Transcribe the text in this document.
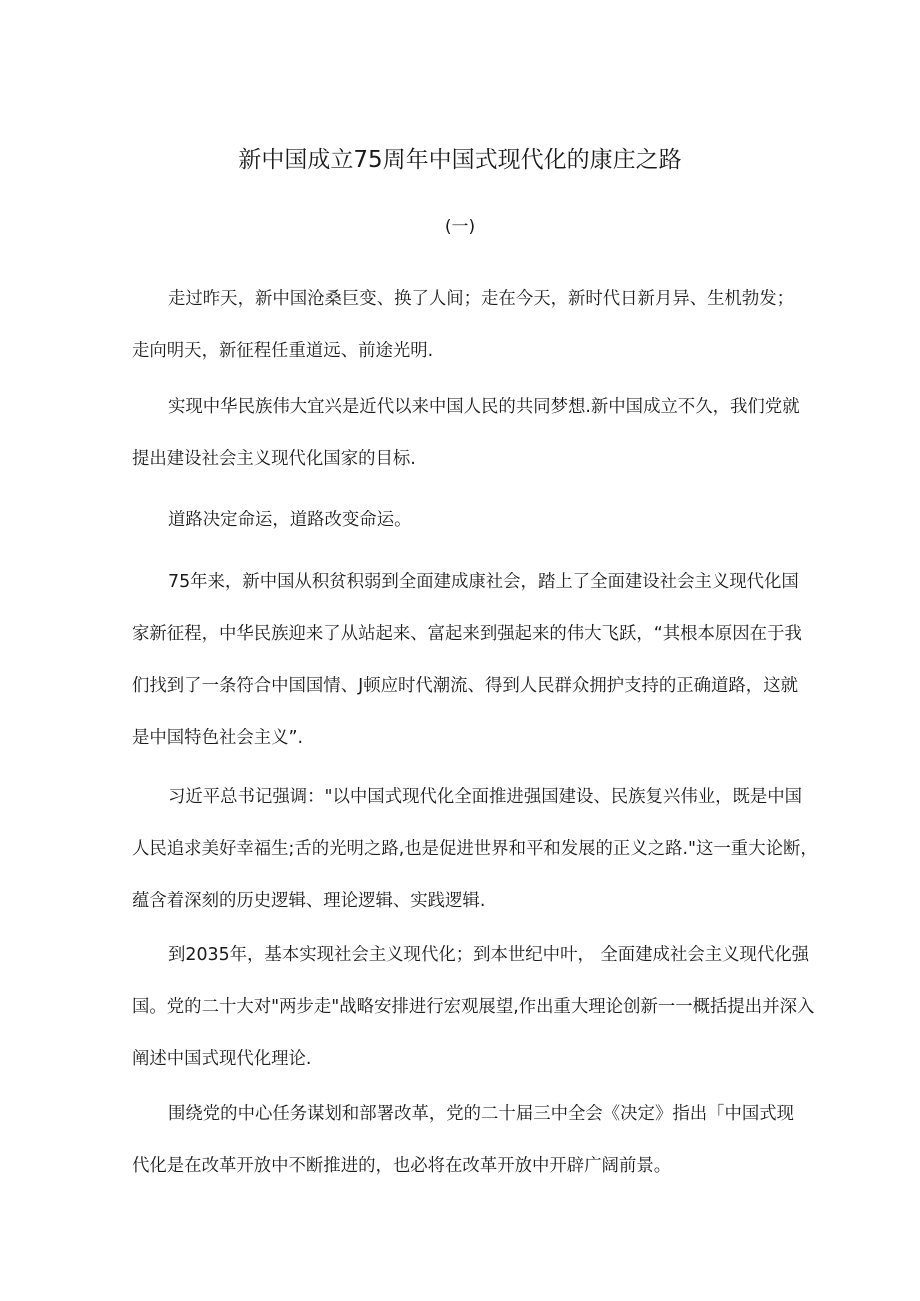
新中国成立75周年中国式现代化的康庄之路
(一)
走过昨天，新中国沧桑巨变、换了人间；走在今天，新时代日新月异、生机勃发；
走向明天，新征程任重道远、前途光明.
实现中华民族伟大宜兴是近代以来中国人民的共同梦想.新中国成立不久，我们党就
提出建设社会主义现代化国家的目标.
道路决定命运，道路改变命运。
75年来，新中国从积贫积弱到全面建成康社会，踏上了全面建设社会主义现代化国
家新征程，中华民族迎来了从站起来、富起来到强起来的伟大飞跃，“其根本原因在于我
们找到了一条符合中国国情、J顿应时代潮流、得到人民群众拥护支持的正确道路，这就
是中国特色社会主义”.
习近平总书记强调："以中国式现代化全面推进强国建设、民族复兴伟业，既是中国
人民追求美好幸福生;舌的光明之路,也是促进世界和平和发展的正义之路."这一重大论断，
蕴含着深刻的历史逻辑、理论逻辑、实践逻辑.
到2035年，基本实现社会主义现代化；到本世纪中叶， 全面建成社会主义现代化强
国。党的二十大对"两步走"战略安排进行宏观展望,作出重大理论创新一一概括提出并深入
阐述中国式现代化理论.
围绕党的中心任务谋划和部署改革，党的二十届三中全会《决定》指出「中国式现
代化是在改革开放中不断推进的，也必将在改革开放中开辟广阔前景。
